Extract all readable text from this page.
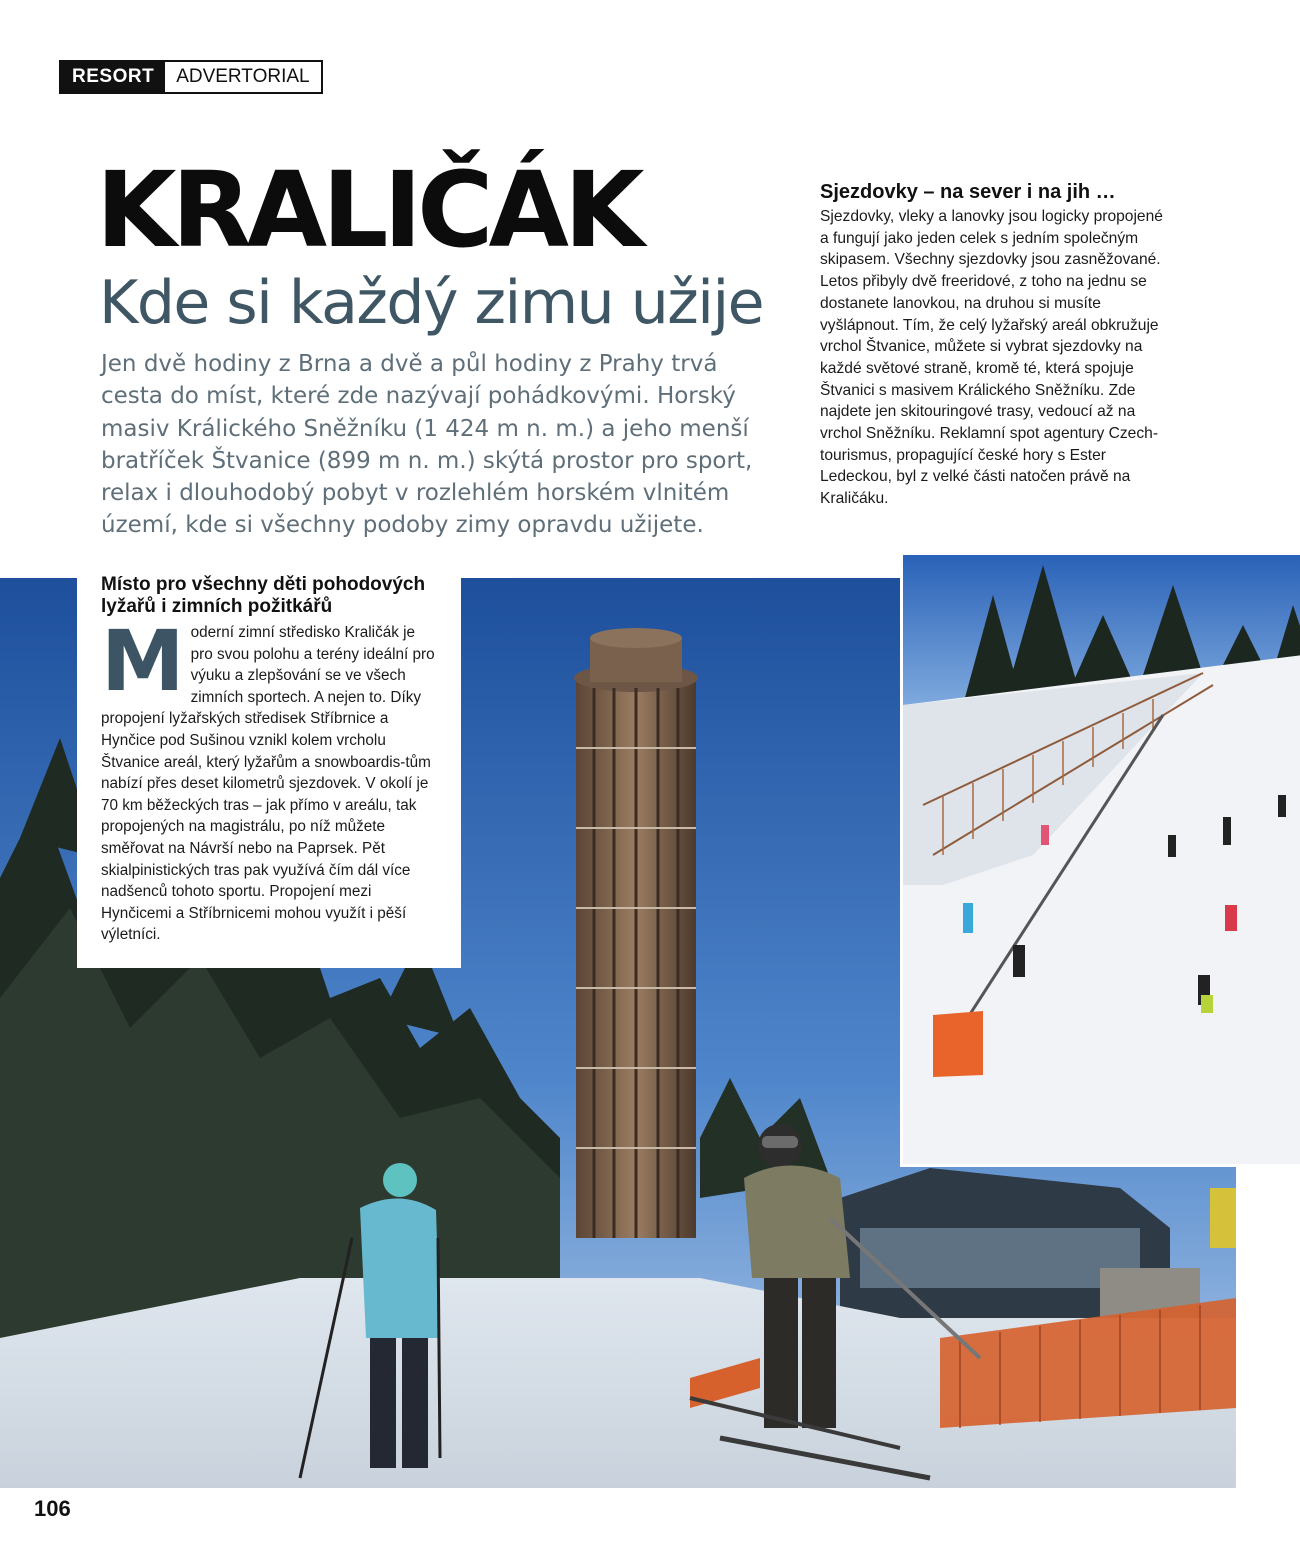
RESORT	ADVERTORIAL
KRALIČÁK
Kde si každý zimu užije

Jen dvě hodiny z Brna a dvě a půl hodiny z Prahy trvá cesta do míst, které zde nazývají pohádkovými. Horský masiv Králického Sněžníku (1 424 m n. m.) a jeho menší bratříček Štvanice (899 m n. m.) skýtá prostor pro sport, relax i dlouhodobý pobyt v rozlehlém horském vlnitém území, kde si všechny podoby zimy opravdu užijete.

Sjezdovky – na sever i na jih …

Sjezdovky, vleky a lanovky jsou logicky propojené a fungují jako jeden celek s jedním společným skipasem. Všechny sjezdovky jsou zasněžované. Letos přibyly dvě freeridové, z toho na jednu se dostanete lanovkou, na druhou si musíte vyšlápnout. Tím, že celý lyžařský areál obkružuje vrchol Štvanice, můžete si vybrat sjezdovky na každé světové straně, kromě té, která spojuje Štvanici s masivem Králického Sněžníku. Zde najdete jen skitouringové trasy, vedoucí až na vrchol Sněžníku. Reklamní spot agentury Czech-tourismus, propagující české hory s Ester Ledeckou, byl z velké části natočen právě na Kraličáku.

Místo pro všechny děti pohodových lyžařů i zimních požitkářů

Moderní zimní středisko Kraličák je pro svou polohu a terény ideální pro výuku a zlepšování se ve všech zimních sportech. A nejen to. Díky propojení lyžařských středisek Stříbrnice a Hynčice pod Sušinou vznikl kolem vrcholu Štvanice areál, který lyžařům a snowboardis-tům nabízí přes deset kilometrů sjezdovek. V okolí je 70 km běžeckých tras – jak přímo v areálu, tak propojených na magistrálu, po níž můžete směřovat na Návrší nebo na Paprsek. Pět skialpinistických tras pak využívá čím dál více nadšenců tohoto sportu. Propojení mezi Hynčicemi a Stříbrnicemi mohou využít i pěší výletníci.

106
